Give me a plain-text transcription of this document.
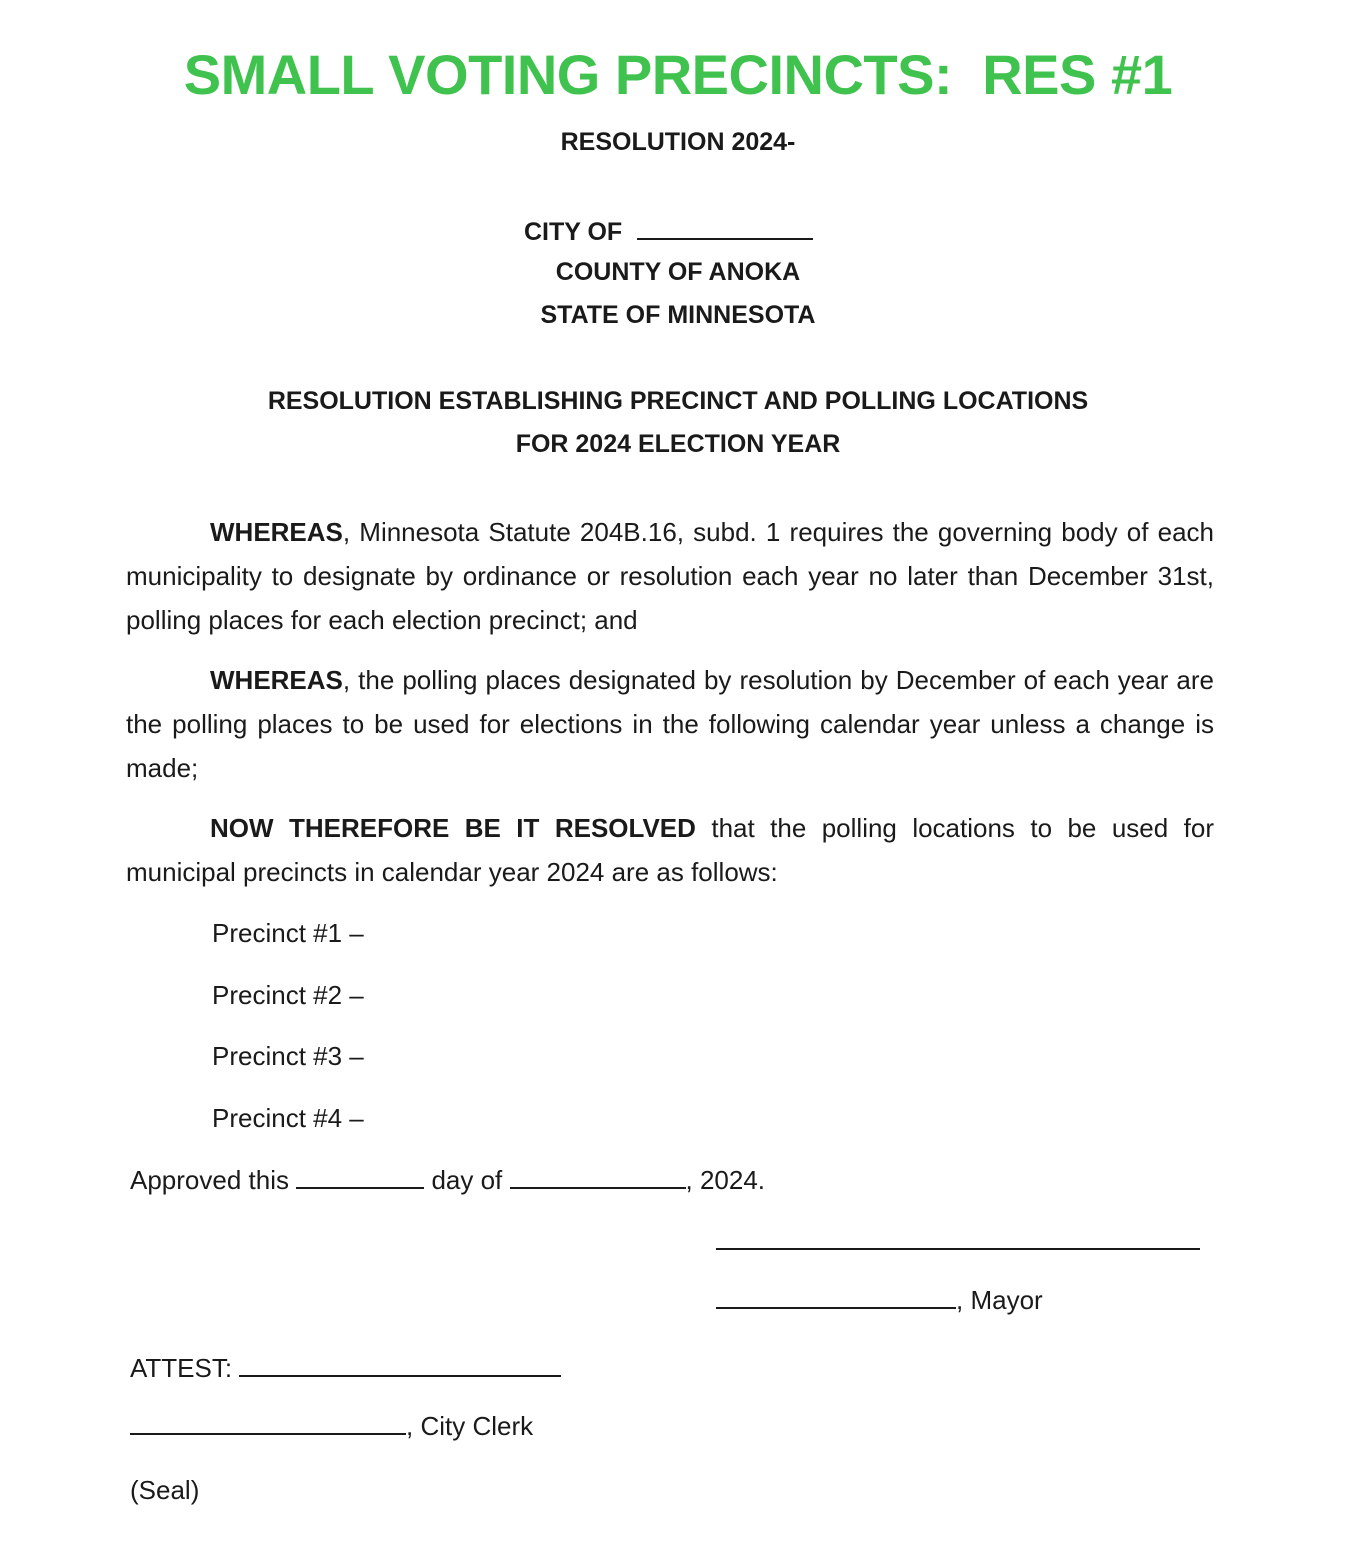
SMALL VOTING PRECINCTS:  RES #1
RESOLUTION 2024-
CITY OF
COUNTY OF ANOKA
STATE OF MINNESOTA
RESOLUTION ESTABLISHING PRECINCT AND POLLING LOCATIONS
FOR 2024 ELECTION YEAR
WHEREAS, Minnesota Statute 204B.16, subd. 1 requires the governing body of each municipality to designate by ordinance or resolution each year no later than December 31st, polling places for each election precinct; and
WHEREAS, the polling places designated by resolution by December of each year are the polling places to be used for elections in the following calendar year unless a change is made;
NOW THEREFORE BE IT RESOLVED that the polling locations to be used for municipal precincts in calendar year 2024 are as follows:
Precinct #1 –
Precinct #2 –
Precinct #3 –
Precinct #4 –
Approved this	day of	, 2024.
, Mayor
ATTEST:
, City Clerk
(Seal)
